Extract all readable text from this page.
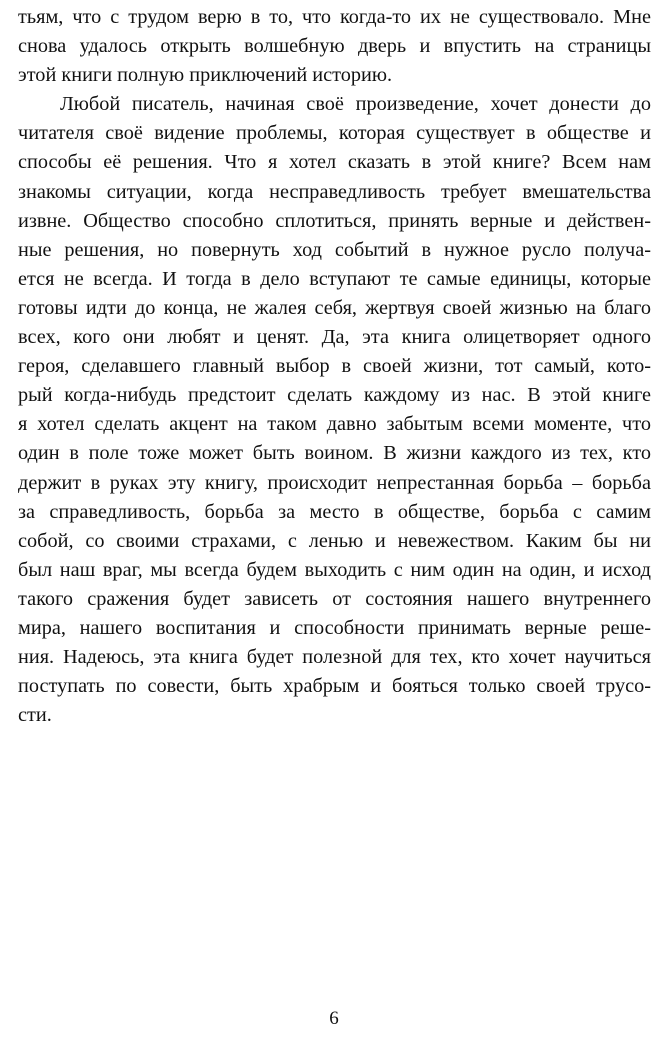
тьям, что с трудом верю в то, что когда-то их не существовало. Мне
снова удалось открыть волшебную дверь и впустить на страницы
этой книги полную приключений историю.
Любой писатель, начиная своё произведение, хочет донести до
читателя своё видение проблемы, которая существует в обществе и
способы её решения. Что я хотел сказать в этой книге? Всем нам
знакомы ситуации, когда несправедливость требует вмешательства
извне. Общество способно сплотиться, принять верные и действен-
ные решения, но повернуть ход событий в нужное русло получа-
ется не всегда. И тогда в дело вступают те самые единицы, которые
готовы идти до конца, не жалея себя, жертвуя своей жизнью на благо
всех, кого они любят и ценят. Да, эта книга олицетворяет одного
героя, сделавшего главный выбор в своей жизни, тот самый, кото-
рый когда-нибудь предстоит сделать каждому из нас. В этой книге
я хотел сделать акцент на таком давно забытым всеми моменте, что
один в поле тоже может быть воином. В жизни каждого из тех, кто
держит в руках эту книгу, происходит непрестанная борьба – борьба
за справедливость, борьба за место в обществе, борьба с самим
собой, со своими страхами, с ленью и невежеством. Каким бы ни
был наш враг, мы всегда будем выходить с ним один на один, и исход
такого сражения будет зависеть от состояния нашего внутреннего
мира, нашего воспитания и способности принимать верные реше-
ния. Надеюсь, эта книга будет полезной для тех, кто хочет научиться
поступать по совести, быть храбрым и бояться только своей трусо-
сти.
6
